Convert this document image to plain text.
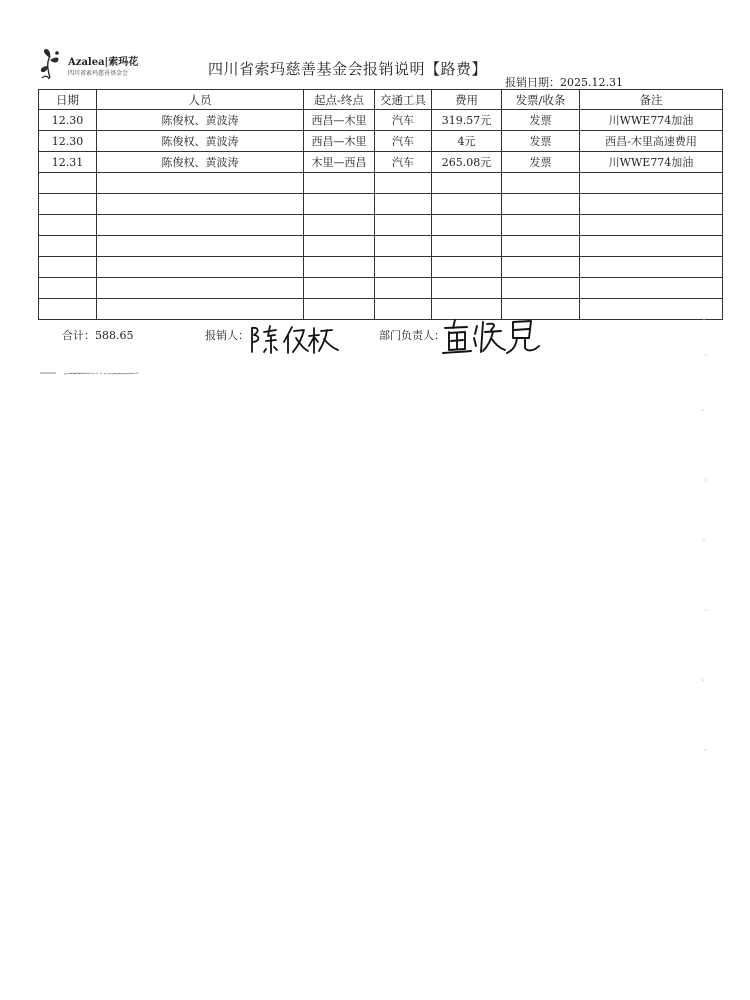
Azalea|索玛花
四川省索玛慈善基金会	四川省索玛慈善基金会报销说明【路费】
报销日期：2025.12.31
日期	人员	起点-终点	交通工具	费用	发票/收条	备注
12.30	陈俊权、黄波涛	西昌—木里	汽车	319.57元	发票	川WWE774加油
12.30	陈俊权、黄波涛	西昌—木里	汽车	4元	发票	西昌-木里高速费用
12.31	陈俊权、黄波涛	木里—西昌	汽车	265.08元	发票	川WWE774加油

合计：588.65	报销人：	部门负责人：
